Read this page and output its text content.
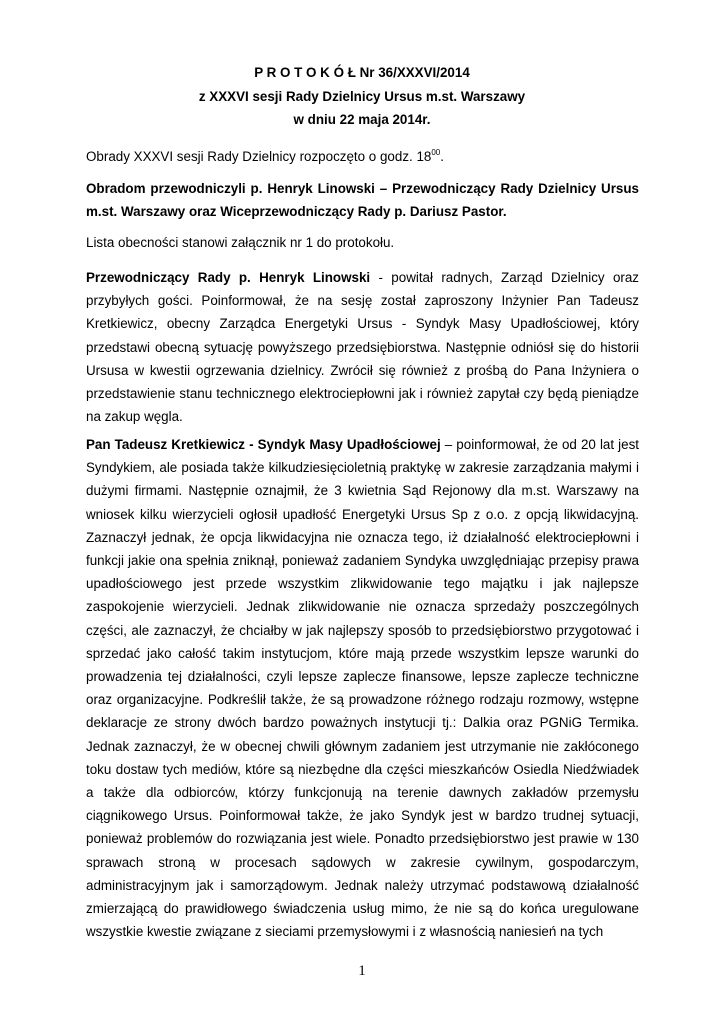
P R O T O K Ó Ł Nr 36/XXXVI/2014
z XXXVI sesji Rady Dzielnicy Ursus m.st. Warszawy
w dniu 22 maja 2014r.

Obrady XXXVI sesji Rady Dzielnicy rozpoczęto o godz. $18^{00}$.

Obradom przewodniczyli p. Henryk Linowski – Przewodniczący Rady Dzielnicy Ursus m.st. Warszawy oraz Wiceprzewodniczący Rady p. Dariusz Pastor.

Lista obecności stanowi załącznik nr 1 do protokołu.

Przewodniczący Rady p. Henryk Linowski - powitał radnych, Zarząd Dzielnicy oraz przybyłych gości. Poinformował, że na sesję został zaproszony Inżynier Pan Tadeusz Kretkiewicz, obecny Zarządca Energetyki Ursus - Syndyk Masy Upadłościowej, który przedstawi obecną sytuację powyższego przedsiębiorstwa. Następnie odniósł się do historii Ursusa w kwestii ogrzewania dzielnicy. Zwrócił się również z prośbą do Pana Inżyniera o przedstawienie stanu technicznego elektrociepłowni jak i również zapytał czy będą pieniądze na zakup węgla.

Pan Tadeusz Kretkiewicz - Syndyk Masy Upadłościowej – poinformował, że od 20 lat jest Syndykiem, ale posiada także kilkudziesięcioletnią praktykę w zakresie zarządzania małymi i dużymi firmami. Następnie oznajmił, że 3 kwietnia Sąd Rejonowy dla m.st. Warszawy na wniosek kilku wierzycieli ogłosił upadłość Energetyki Ursus Sp z o.o. z opcją likwidacyjną. Zaznaczył jednak, że opcja likwidacyjna nie oznacza tego, iż działalność elektrociepłowni i funkcji jakie ona spełnia zniknął, ponieważ zadaniem Syndyka uwzględniając przepisy prawa upadłościowego jest przede wszystkim zlikwidowanie tego majątku i jak najlepsze zaspokojenie wierzycieli. Jednak zlikwidowanie nie oznacza sprzedaży poszczególnych części, ale zaznaczył, że chciałby w jak najlepszy sposób to przedsiębiorstwo przygotować i sprzedać jako całość takim instytucjom, które mają przede wszystkim lepsze warunki do prowadzenia tej działalności, czyli lepsze zaplecze finansowe, lepsze zaplecze techniczne oraz organizacyjne. Podkreślił także, że są prowadzone różnego rodzaju rozmowy, wstępne deklaracje ze strony dwóch bardzo poważnych instytucji tj.: Dalkia oraz PGNiG Termika. Jednak zaznaczył, że w obecnej chwili głównym zadaniem jest utrzymanie nie zakłóconego toku dostaw tych mediów, które są niezbędne dla części mieszkańców Osiedla Niedźwiadek a także dla odbiorców, którzy funkcjonują na terenie dawnych zakładów przemysłu ciągnikowego Ursus. Poinformował także, że jako Syndyk jest w bardzo trudnej sytuacji, ponieważ problemów do rozwiązania jest wiele. Ponadto przedsiębiorstwo jest prawie w 130 sprawach stroną w procesach sądowych w zakresie cywilnym, gospodarczym, administracyjnym jak i samorządowym. Jednak należy utrzymać podstawową działalność zmierzającą do prawidłowego świadczenia usług mimo, że nie są do końca uregulowane wszystkie kwestie związane z sieciami przemysłowymi i z własnością naniesień na tych

1
